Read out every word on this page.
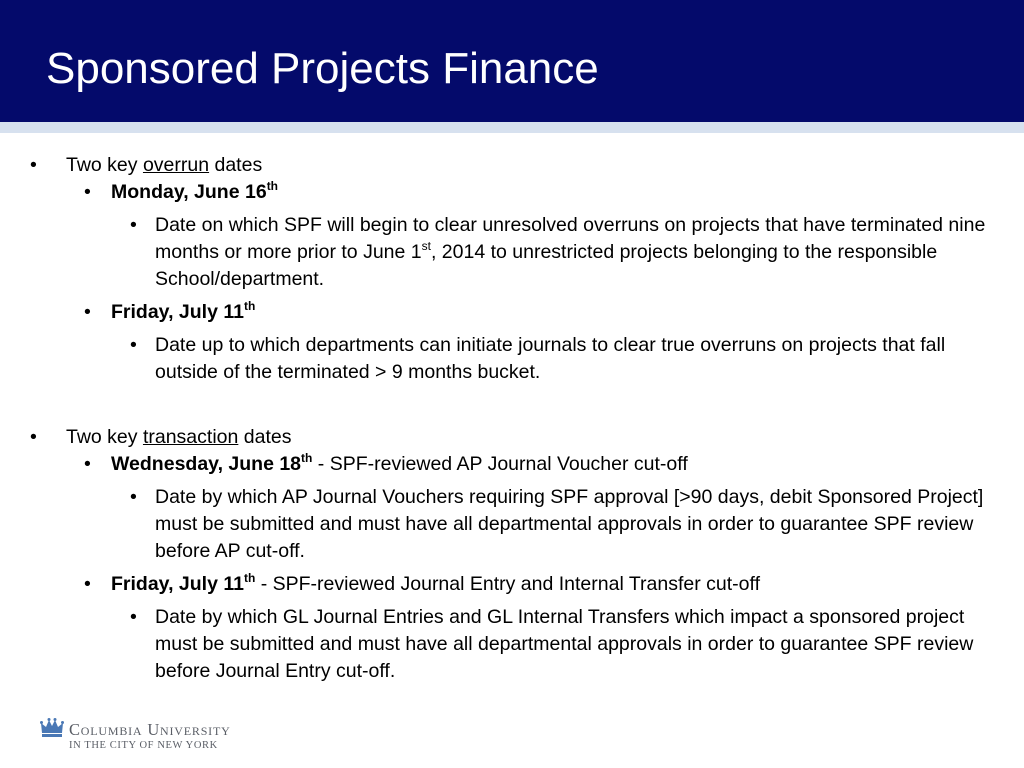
Sponsored Projects Finance
• Two key overrun dates
• Monday, June 16th
• Date on which SPF will begin to clear unresolved overruns on projects that have terminated nine months or more prior to June 1st, 2014 to unrestricted projects belonging to the responsible School/department.
• Friday, July 11th
• Date up to which departments can initiate journals to clear true overruns on projects that fall outside of the terminated > 9 months bucket.
• Two key transaction dates
• Wednesday, June 18th - SPF-reviewed AP Journal Voucher cut-off
• Date by which AP Journal Vouchers requiring SPF approval [>90 days, debit Sponsored Project] must be submitted and must have all departmental approvals in order to guarantee SPF review before AP cut-off.
• Friday, July 11th - SPF-reviewed Journal Entry and Internal Transfer cut-off
• Date by which GL Journal Entries and GL Internal Transfers which impact a sponsored project must be submitted and must have all departmental approvals in order to guarantee SPF review before Journal Entry cut-off.

Columbia University

IN THE CITY OF NEW YORK
